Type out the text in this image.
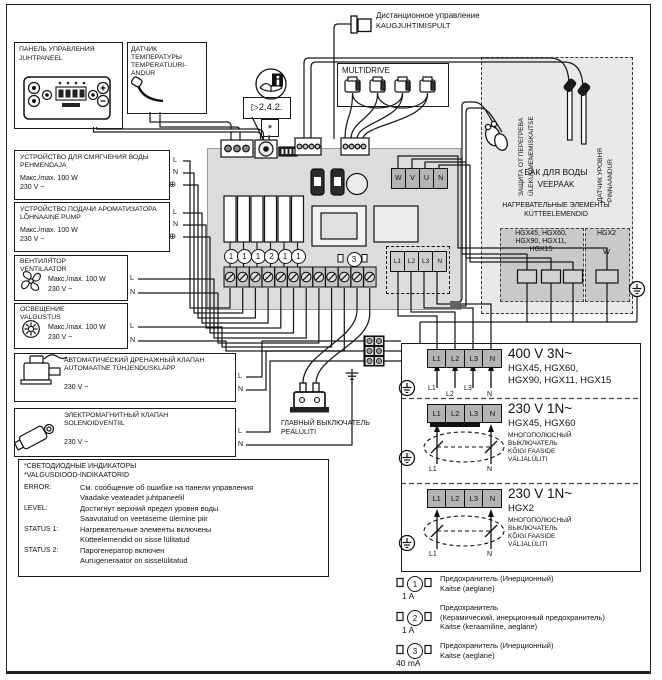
ПАНЕЛЬ УПРАВЛЕНИЯ
JUHTPANEEL
ДАТЧИК
ТЕМПЕРАТУРЫ
TEMPERATUURI-
ANDUR
Дистанционное управление
KAUGJUHTIMISPULT
MULTIDRIVE
▷2.4.2.
*
W	V	U	N
L1	L2	L3	N
1	1	1	2	1	1	3
ЗАЩИТА ОТ ПЕРЕГРЕВА ÜLEKUUMENEMISKAITSE	ДАТЧИК УРОВНЯ PINNAANDUR
БАК ДЛЯ ВОДЫ
VEEPAAK
НАГРЕВАТЕЛЬНЫЕ ЭЛЕМЕНТЫ
KÜTTEELEMENDID
HGX45, HGX60,
HGX90, HGX11,
HGX15
HGX2
W
УСТРОЙСТВО ДЛЯ СМЯГЧЕНИЯ ВОДЫ
PEHMENDAJA
Макс./max. 100 W
230 V ~
L
N
⊕
УСТРОЙСТВО ПОДАЧИ АРОМАТИЗАТОРА
LÕHNAAINE PUMP
Макс./max. 100 W
230 V ~
L
N
⊕
ВЕНТИЛЯТОР
VENTILAATOR
Макс./max. 100 W
230 V ~
L
N
ОСВЕЩЕНИЕ
VALGUSTUS
Макс./max. 100 W
230 V ~
L
N
АВТОМАТИЧЕСКИЙ ДРЕНАЖНЫЙ КЛАПАН
AUTOMAATNE TÜHJENDUSKLAPP
230 V ~
L
N
ЭЛЕКТРОМАГНИТНЫЙ КЛАПАН
SOLENOIDVENTIIL
230 V ~
L
N
ГЛАВНЫЙ ВЫКЛЮЧАТЕЛЬ
PEALÜLITI
*СВЕТОДИОДНЫЕ ИНДИКАТОРЫ
*VALGUSDIOOD-INDIKAATORID
ERROR:	См. сообщение об ошибке на панели управления
Vaadake veateadet juhtpaneelil
LEVEL:	Достигнут верхний предел уровня воды
Saavutatud on veetaseme ülemine piir
STATUS 1:	Нагревательные элементы включены
Kütteelemendid on sisse lülitatud
STATUS 2:	Парогенератор включен
Aurugeneraator on sisselülitatud
L1	L2	L3	N 400 V 3N~
HGX45, HGX60,
HGX90, HGX11, HGX15
L1
L2
L3
N
L1	L2	L3	N 230 V 1N~
HGX45, HGX60
МНОГОПОЛЮСНЫЙ
ВЫКЛЮЧАТЕЛЬ
KÕIGI FAASIDE
VÄLJALÜLITI
L1	N
L1	L2	L3	N 230 V 1N~
HGX2
МНОГОПОЛЮСНЫЙ
ВЫКЛЮЧАТЕЛЬ
KÕIGI FAASIDE
VÄLJALÜLITI
L1	N
1
1 A
Предохранитель (Инерционный)
Kaitse (aeglane)
2
1 A
Предохранитель
(Керамический, инерционный предохранитель)
Kaitse (keraamiline, aeglane)
3
40 mA
Предохранитель (Инерционный)
Kaitse (aeglane)
